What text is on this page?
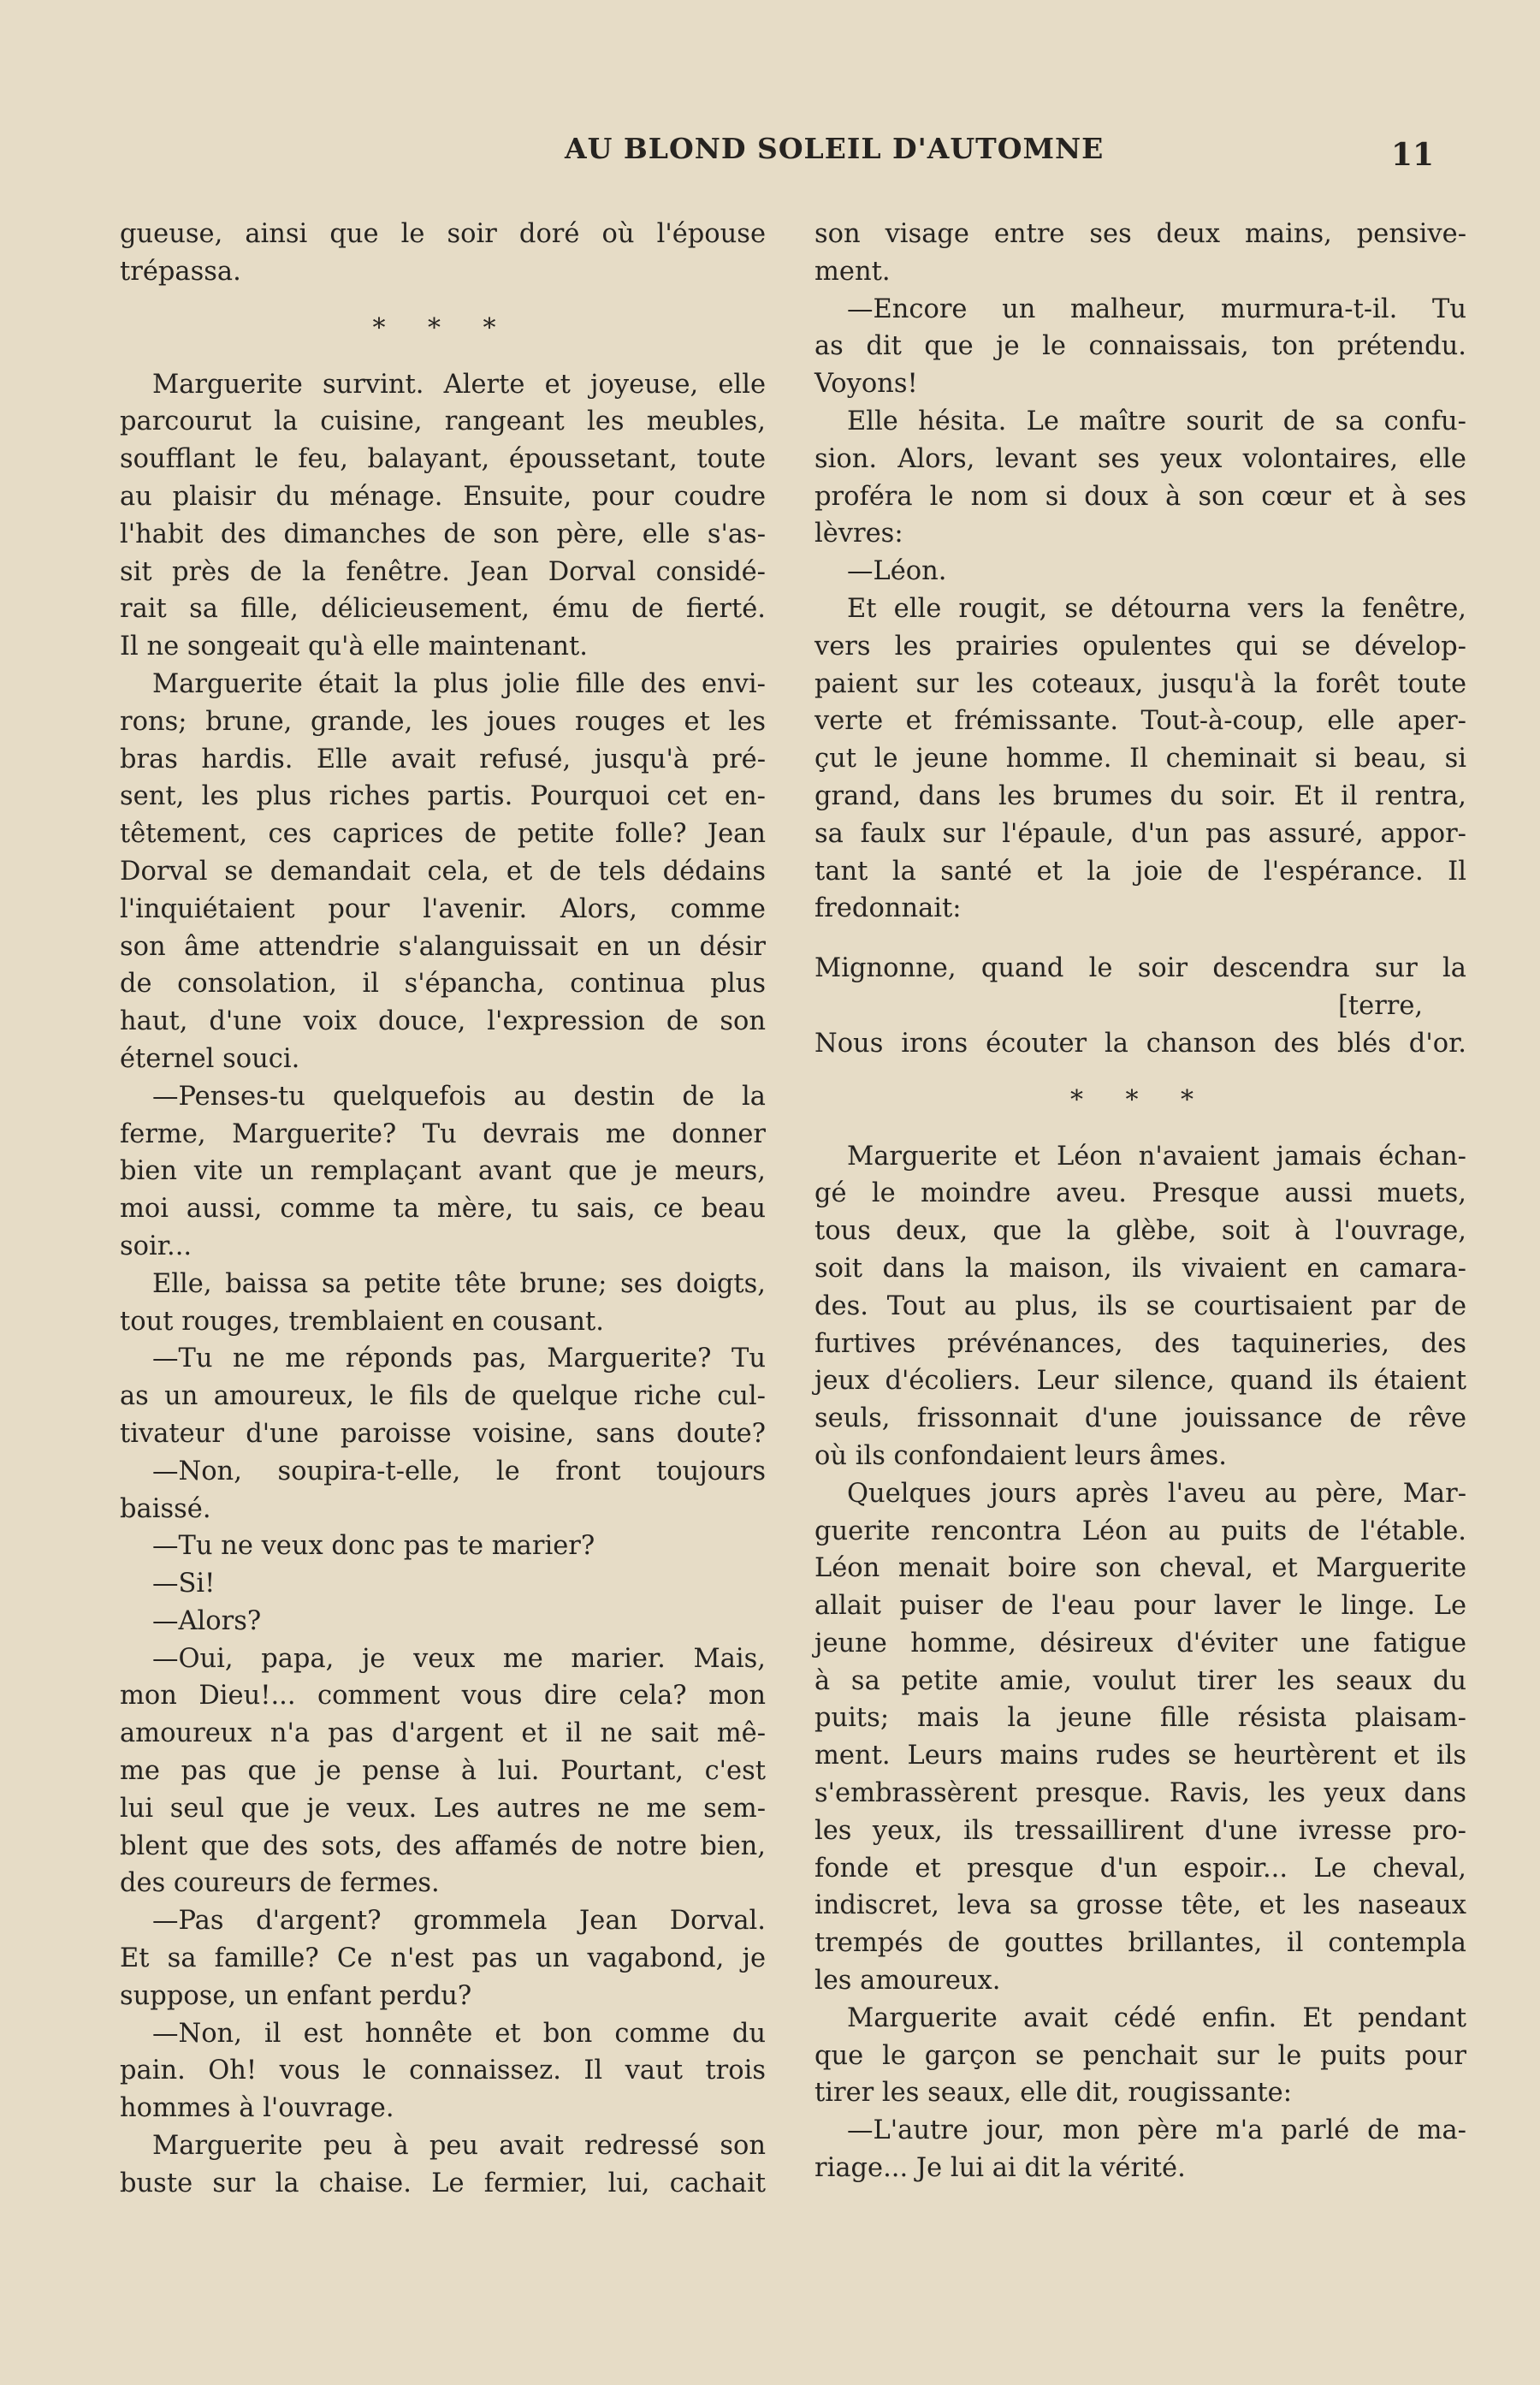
AU BLOND SOLEIL D'AUTOMNE	11
gueuse, ainsi que le soir doré où l'épouse
trépassa.
* * *
Marguerite survint. Alerte et joyeuse, elle
parcourut la cuisine, rangeant les meubles,
soufflant le feu, balayant, époussetant, toute
au plaisir du ménage. Ensuite, pour coudre
l'habit des dimanches de son père, elle s'as-
sit près de la fenêtre. Jean Dorval considé-
rait sa fille, délicieusement, ému de fierté.
Il ne songeait qu'à elle maintenant.
Marguerite était la plus jolie fille des envi-
rons; brune, grande, les joues rouges et les
bras hardis. Elle avait refusé, jusqu'à pré-
sent, les plus riches partis. Pourquoi cet en-
têtement, ces caprices de petite folle? Jean
Dorval se demandait cela, et de tels dédains
l'inquiétaient pour l'avenir. Alors, comme
son âme attendrie s'alanguissait en un désir
de consolation, il s'épancha, continua plus
haut, d'une voix douce, l'expression de son
éternel souci.
—Penses-tu quelquefois au destin de la
ferme, Marguerite? Tu devrais me donner
bien vite un remplaçant avant que je meurs,
moi aussi, comme ta mère, tu sais, ce beau
soir...
Elle, baissa sa petite tête brune; ses doigts,
tout rouges, tremblaient en cousant.
—Tu ne me réponds pas, Marguerite? Tu
as un amoureux, le fils de quelque riche cul-
tivateur d'une paroisse voisine, sans doute?
—Non, soupira-t-elle, le front toujours
baissé.
—Tu ne veux donc pas te marier?
—Si!
—Alors?
—Oui, papa, je veux me marier. Mais,
mon Dieu!... comment vous dire cela? mon
amoureux n'a pas d'argent et il ne sait mê-
me pas que je pense à lui. Pourtant, c'est
lui seul que je veux. Les autres ne me sem-
blent que des sots, des affamés de notre bien,
des coureurs de fermes.
—Pas d'argent? grommela Jean Dorval.
Et sa famille? Ce n'est pas un vagabond, je
suppose, un enfant perdu?
—Non, il est honnête et bon comme du
pain. Oh! vous le connaissez. Il vaut trois
hommes à l'ouvrage.
Marguerite peu à peu avait redressé son
buste sur la chaise. Le fermier, lui, cachait
son visage entre ses deux mains, pensive-
ment.
—Encore un malheur, murmura-t-il. Tu
as dit que je le connaissais, ton prétendu.
Voyons!
Elle hésita. Le maître sourit de sa confu-
sion. Alors, levant ses yeux volontaires, elle
proféra le nom si doux à son cœur et à ses
lèvres:
—Léon.
Et elle rougit, se détourna vers la fenêtre,
vers les prairies opulentes qui se dévelop-
paient sur les coteaux, jusqu'à la forêt toute
verte et frémissante. Tout-à-coup, elle aper-
çut le jeune homme. Il cheminait si beau, si
grand, dans les brumes du soir. Et il rentra,
sa faulx sur l'épaule, d'un pas assuré, appor-
tant la santé et la joie de l'espérance. Il
fredonnait:
Mignonne, quand le soir descendra sur la
[terre,
Nous irons écouter la chanson des blés d'or.
* * *
Marguerite et Léon n'avaient jamais échan-
gé le moindre aveu. Presque aussi muets,
tous deux, que la glèbe, soit à l'ouvrage,
soit dans la maison, ils vivaient en camara-
des. Tout au plus, ils se courtisaient par de
furtives prévénances, des taquineries, des
jeux d'écoliers. Leur silence, quand ils étaient
seuls, frissonnait d'une jouissance de rêve
où ils confondaient leurs âmes.
Quelques jours après l'aveu au père, Mar-
guerite rencontra Léon au puits de l'étable.
Léon menait boire son cheval, et Marguerite
allait puiser de l'eau pour laver le linge. Le
jeune homme, désireux d'éviter une fatigue
à sa petite amie, voulut tirer les seaux du
puits; mais la jeune fille résista plaisam-
ment. Leurs mains rudes se heurtèrent et ils
s'embrassèrent presque. Ravis, les yeux dans
les yeux, ils tressaillirent d'une ivresse pro-
fonde et presque d'un espoir... Le cheval,
indiscret, leva sa grosse tête, et les naseaux
trempés de gouttes brillantes, il contempla
les amoureux.
Marguerite avait cédé enfin. Et pendant
que le garçon se penchait sur le puits pour
tirer les seaux, elle dit, rougissante:
—L'autre jour, mon père m'a parlé de ma-
riage... Je lui ai dit la vérité.
